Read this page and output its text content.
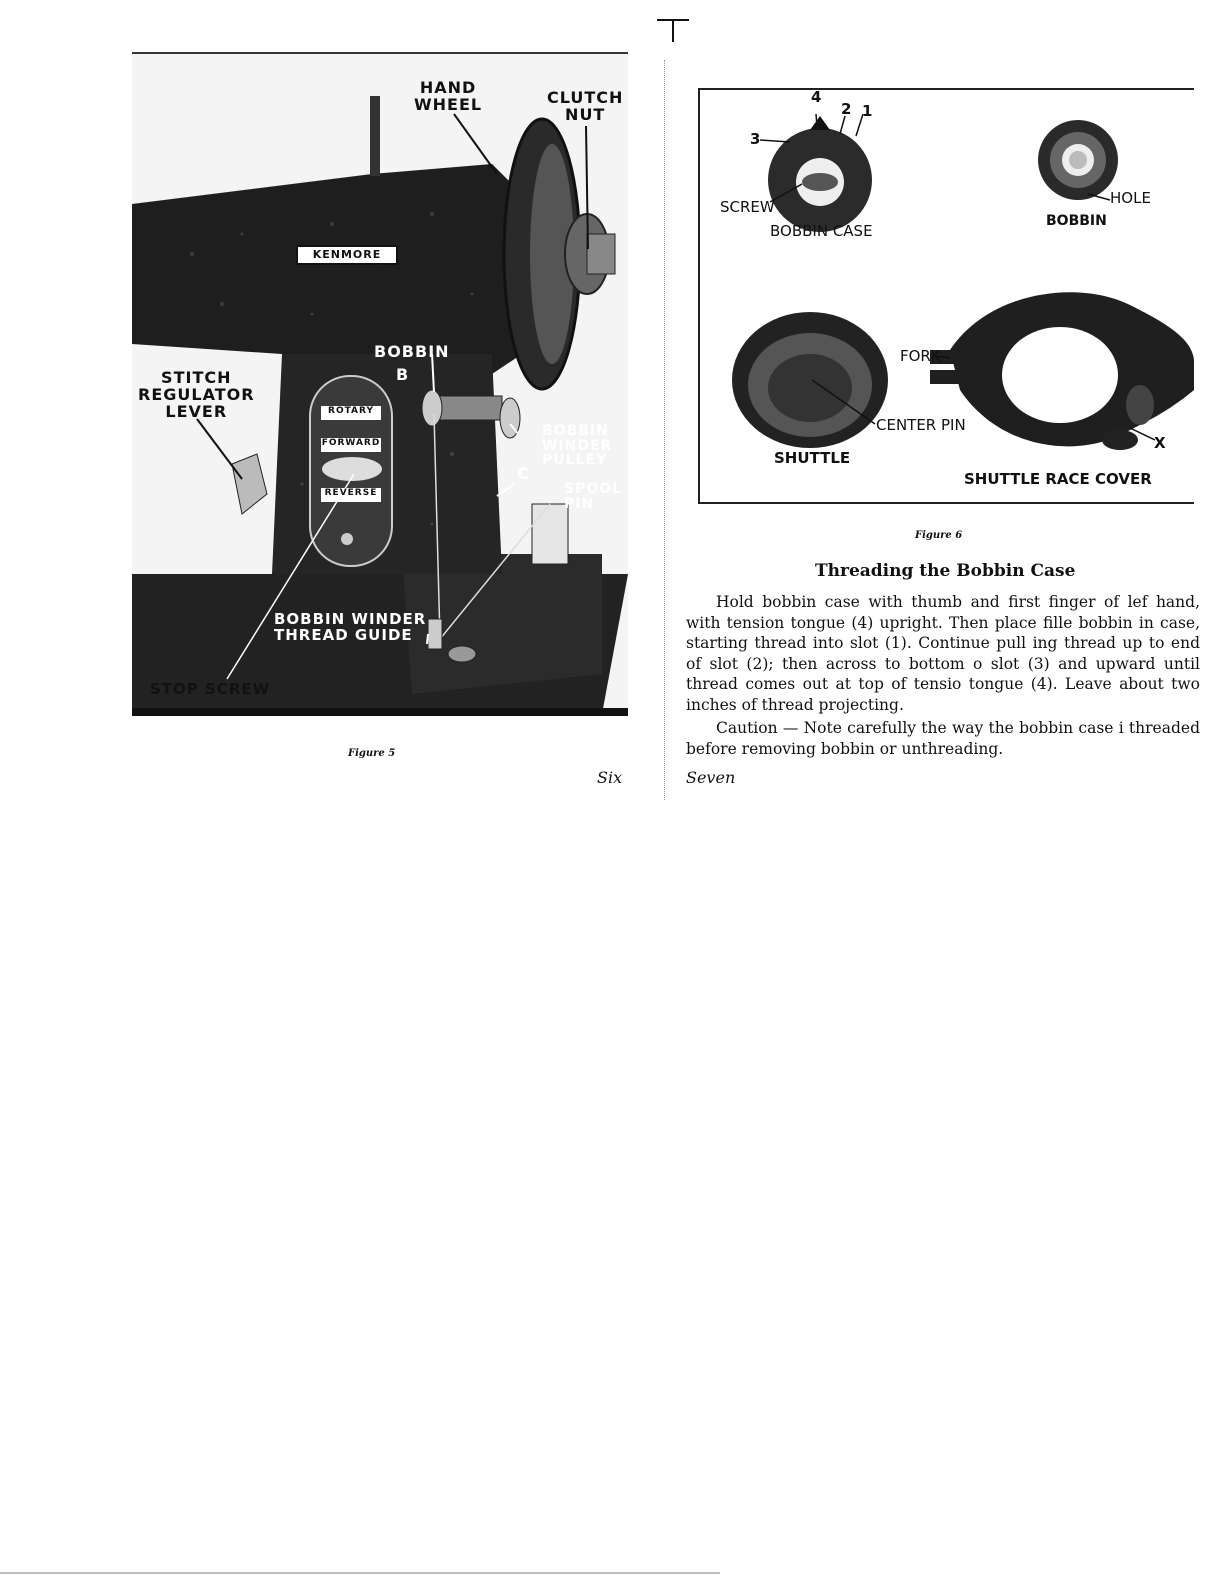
HAND
WHEEL	CLUTCH
NUT
KENMORE
BOBBIN
B
STITCH
REGULATOR
LEVER	ROTARY
FORWARD
REVERSE
BOBBIN
WINDER
PULLEY
C
SPOOL
PIN
BOBBIN WINDER
THREAD GUIDE
STOP SCREW
Figure 5
Six
4
2 1
3
SCREW
BOBBIN CASE
HOLE
BOBBIN
FORK
CENTER PIN
SHUTTLE
X
SHUTTLE RACE COVER
Figure 6
Threading the Bobbin Case

Hold bobbin case with thumb and first finger of lef hand, with tension tongue (4) upright. Then place fille bobbin in case, starting thread into slot (1). Continue pull ing thread up to end of slot (2); then across to bottom o slot (3) and upward until thread comes out at top of tensio tongue (4). Leave about two inches of thread projecting.

Caution — Note carefully the way the bobbin case i threaded before removing bobbin or unthreading.

Seven
